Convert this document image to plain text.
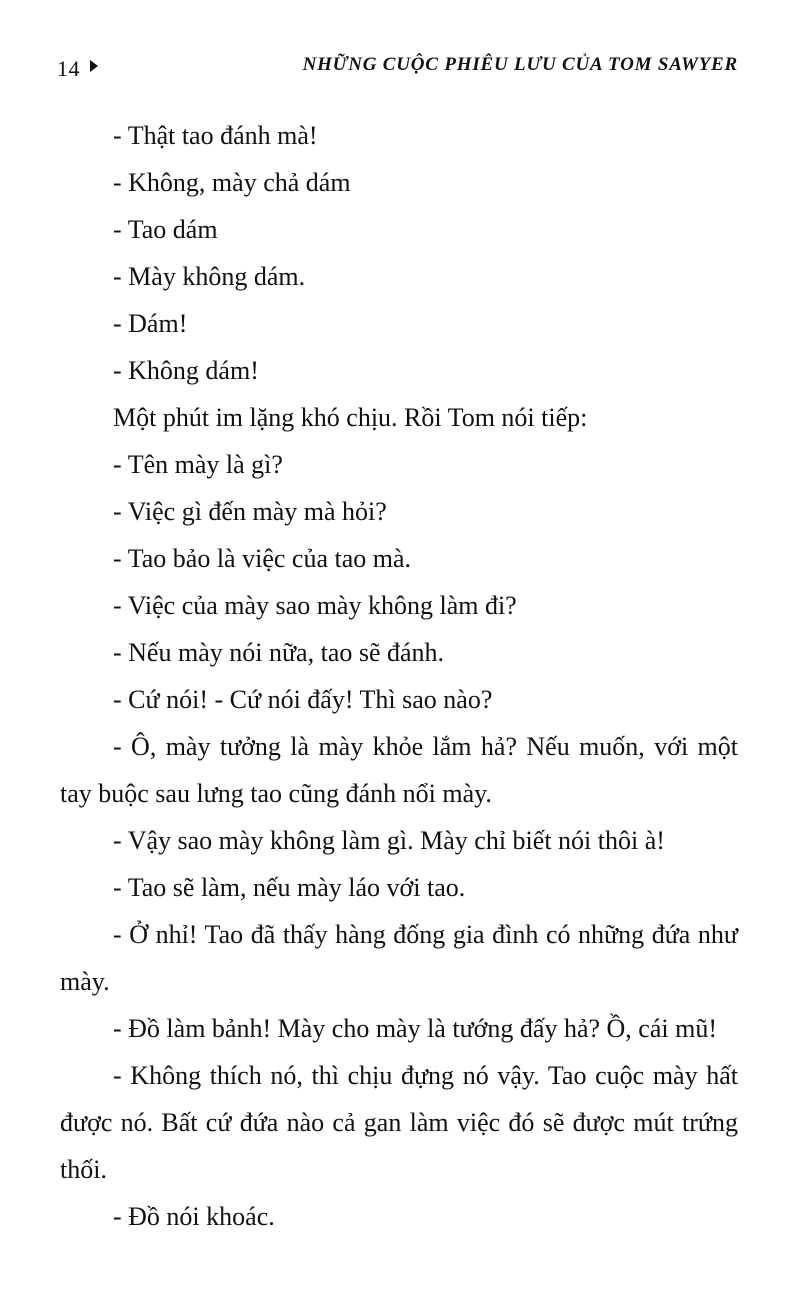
14	NHỮNG CUỘC PHIÊU LƯU CỦA TOM SAWYER

- Thật tao đánh mà!

- Không, mày chả dám

- Tao dám

- Mày không dám.

- Dám!

- Không dám!

Một phút im lặng khó chịu. Rồi Tom nói tiếp:

- Tên mày là gì?

- Việc gì đến mày mà hỏi?

- Tao bảo là việc của tao mà.

- Việc của mày sao mày không làm đi?

- Nếu mày nói nữa, tao sẽ đánh.

- Cứ nói! - Cứ nói đấy! Thì sao nào?

- Ô, mày tưởng là mày khỏe lắm hả? Nếu muốn, với một tay buộc sau lưng tao cũng đánh nổi mày.

- Vậy sao mày không làm gì. Mày chỉ biết nói thôi à!

- Tao sẽ làm, nếu mày láo với tao.

- Ở nhỉ! Tao đã thấy hàng đống gia đình có những đứa như mày.

- Đồ làm bảnh! Mày cho mày là tướng đấy hả? Ồ, cái mũ!

- Không thích nó, thì chịu đựng nó vậy. Tao cuộc mày hất được nó. Bất cứ đứa nào cả gan làm việc đó sẽ được mút trứng thối.

- Đồ nói khoác.
